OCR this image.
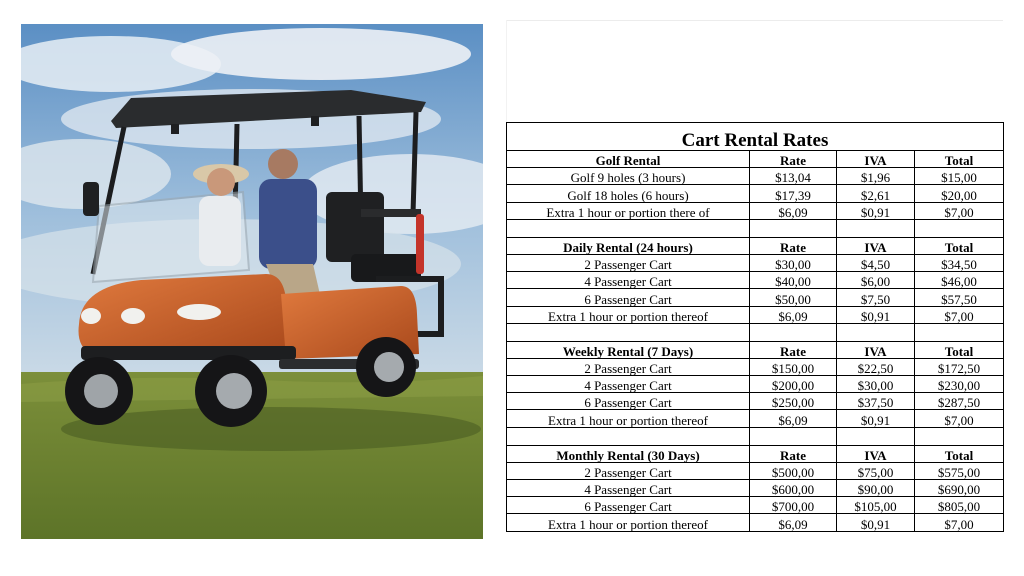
Cart Rental Rates			
Golf Rental	Rate	IVA	Total
Golf 9 holes (3 hours)	$13,04	$1,96	$15,00
Golf 18 holes (6 hours)	$17,39	$2,61	$20,00
Extra 1 hour or portion there of	$6,09	$0,91	$7,00

Daily Rental (24 hours)	Rate	IVA	Total
2 Passenger Cart	$30,00	$4,50	$34,50
4 Passenger Cart	$40,00	$6,00	$46,00
6 Passenger Cart	$50,00	$7,50	$57,50
Extra 1 hour or portion thereof	$6,09	$0,91	$7,00

Weekly Rental (7 Days)	Rate	IVA	Total
2 Passenger Cart	$150,00	$22,50	$172,50
4 Passenger Cart	$200,00	$30,00	$230,00
6 Passenger Cart	$250,00	$37,50	$287,50
Extra 1 hour or portion thereof	$6,09	$0,91	$7,00

Monthly Rental (30 Days)	Rate	IVA	Total
2 Passenger Cart	$500,00	$75,00	$575,00
4 Passenger Cart	$600,00	$90,00	$690,00
6 Passenger Cart	$700,00	$105,00	$805,00
Extra 1 hour or portion thereof	$6,09	$0,91	$7,00
